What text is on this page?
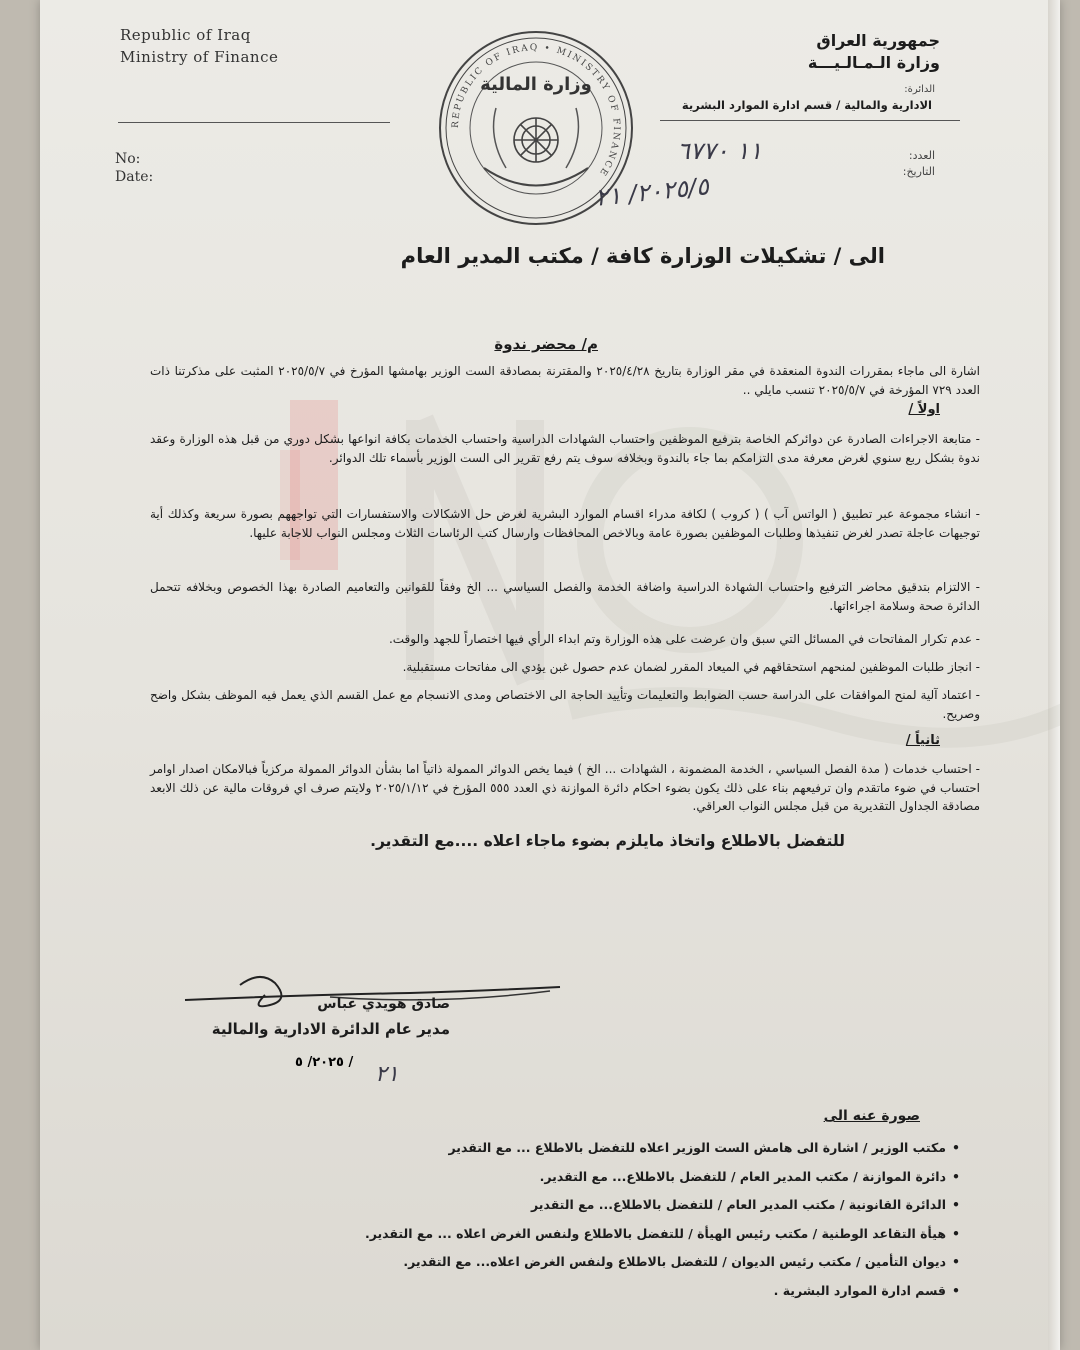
Republic of Iraq
Ministry of Finance
No:
Date:
REPUBLIC OF IRAQ • MINISTRY OF FINANCE
وزارة المالية
جمهورية العراق
وزارة الـمـالـيـــة
الدائرة:
الادارية والمالية / قسم ادارة الموارد البشرية
العدد:
التاريخ:
١١ ٦٧٧٠
٢٠٢٥/٥/ ٢١
الى / تشكيلات الوزارة كافة / مكتب المدير العام
م/ محضر ندوة
اشارة الى ماجاء بمقررات الندوة المنعقدة في مقر الوزارة بتاريخ ٢٠٢٥/٤/٢٨ والمقترنة بمصادقة الست الوزير بهامشها المؤرخ في ٢٠٢٥/٥/٧ المثبت على مذكرتنا ذات العدد ٧٢٩ المؤرخة في ٢٠٢٥/٥/٧ تنسب مايلي ..
اولاً /
- متابعة الاجراءات الصادرة عن دوائركم الخاصة بترفيع الموظفين واحتساب الشهادات الدراسية واحتساب الخدمات بكافة انواعها بشكل دوري من قبل هذه الوزارة وعقد ندوة بشكل ربع سنوي لغرض معرفة مدى التزامكم بما جاء بالندوة وبخلافه سوف يتم رفع تقرير الى الست الوزير بأسماء تلك الدوائر.
- انشاء مجموعة عبر تطبيق ( الواتس آب ) ( كروب ) لكافة مدراء اقسام الموارد البشرية لغرض حل الاشكالات والاستفسارات التي تواجههم بصورة سريعة وكذلك أية توجيهات عاجلة تصدر لغرض تنفيذها وطلبات الموظفين بصورة عامة وبالاخص المحافظات وارسال كتب الرئاسات الثلاث ومجلس النواب للاجابة عليها.
- الالتزام بتدقيق محاضر الترفيع واحتساب الشهادة الدراسية واضافة الخدمة والفصل السياسي ... الخ وفقاً للقوانين والتعاميم الصادرة بهذا الخصوص وبخلافه تتحمل الدائرة صحة وسلامة اجراءاتها.
- عدم تكرار المفاتحات في المسائل التي سبق وان عرضت على هذه الوزارة وتم ابداء الرأي فيها اختصاراً للجهد والوقت.
- انجاز طلبات الموظفين لمنحهم استحقاقهم في الميعاد المقرر لضمان عدم حصول غبن يؤدي الى مفاتحات مستقبلية.
- اعتماد آلية لمنح الموافقات على الدراسة حسب الضوابط والتعليمات وتأييد الحاجة الى الاختصاص ومدى الانسجام مع عمل القسم الذي يعمل فيه الموظف بشكل واضح وصريح.
ثانياً /
- احتساب خدمات ( مدة الفصل السياسي ، الخدمة المضمونة ، الشهادات ... الخ ) فيما يخص الدوائر الممولة ذاتياً اما بشأن الدوائر الممولة مركزياً فبالامكان اصدار اوامر احتساب في ضوء ماتقدم وان ترفيعهم بناء على ذلك يكون بضوء احكام دائرة الموازنة ذي العدد ٥٥٥ المؤرخ في ٢٠٢٥/١/١٢ ولايتم صرف اي فروقات مالية عن ذلك الابعد مصادقة الجداول التقديرية من قبل مجلس النواب العراقي.
للتفضل بالاطلاع واتخاذ مايلزم بضوء ماجاء اعلاه ....مع التقدير.
صادق هويدي عباس
مدير عام الدائرة الادارية والمالية
٢٠٢٥/ ٥ / ٢١
صورة عنه الى
• مكتب الوزير / اشارة الى هامش الست الوزير اعلاه للتفضل بالاطلاع ... مع التقدير
• دائرة الموازنة / مكتب المدير العام / للتفضل بالاطلاع... مع التقدير.
• الدائرة القانونية / مكتب المدير العام / للتفضل بالاطلاع... مع التقدير
• هيأة التقاعد الوطنية / مكتب رئيس الهيأة / للتفضل بالاطلاع ولنفس الغرض اعلاه ... مع التقدير.
• ديوان التأمين / مكتب رئيس الديوان / للتفضل بالاطلاع ولنفس الغرض اعلاه... مع التقدير.
• قسم ادارة الموارد البشرية .
